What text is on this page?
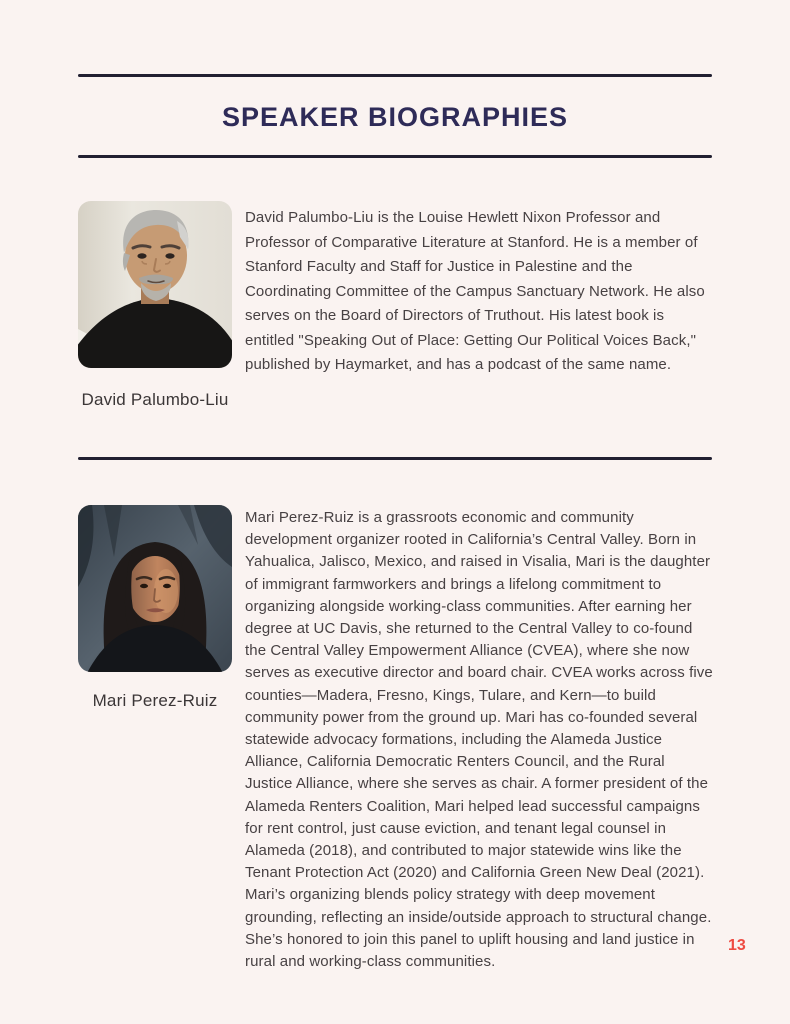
SPEAKER BIOGRAPHIES
David Palumbo-Liu

David Palumbo-Liu is the Louise Hewlett Nixon Professor and Professor of Comparative Literature at Stanford. He is a member of Stanford Faculty and Staff for Justice in Palestine and the Coordinating Committee of the Campus Sanctuary Network. He also serves on the Board of Directors of Truthout. His latest book is entitled "Speaking Out of Place: Getting Our Political Voices Back," published by Haymarket, and has a podcast of the same name.

Mari Perez-Ruiz

Mari Perez-Ruiz is a grassroots economic and community development organizer rooted in California’s Central Valley. Born in Yahualica, Jalisco, Mexico, and raised in Visalia, Mari is the daughter of immigrant farmworkers and brings a lifelong commitment to organizing alongside working-class communities. After earning her degree at UC Davis, she returned to the Central Valley to co-found the Central Valley Empowerment Alliance (CVEA), where she now serves as executive director and board chair. CVEA works across five counties—Madera, Fresno, Kings, Tulare, and Kern—to build community power from the ground up. Mari has co-founded several statewide advocacy formations, including the Alameda Justice Alliance, California Democratic Renters Council, and the Rural Justice Alliance, where she serves as chair. A former president of the Alameda Renters Coalition, Mari helped lead successful campaigns for rent control, just cause eviction, and tenant legal counsel in Alameda (2018), and contributed to major statewide wins like the Tenant Protection Act (2020) and California Green New Deal (2021). Mari’s organizing blends policy strategy with deep movement grounding, reflecting an inside/outside approach to structural change. She’s honored to join this panel to uplift housing and land justice in rural and working-class communities.

13
